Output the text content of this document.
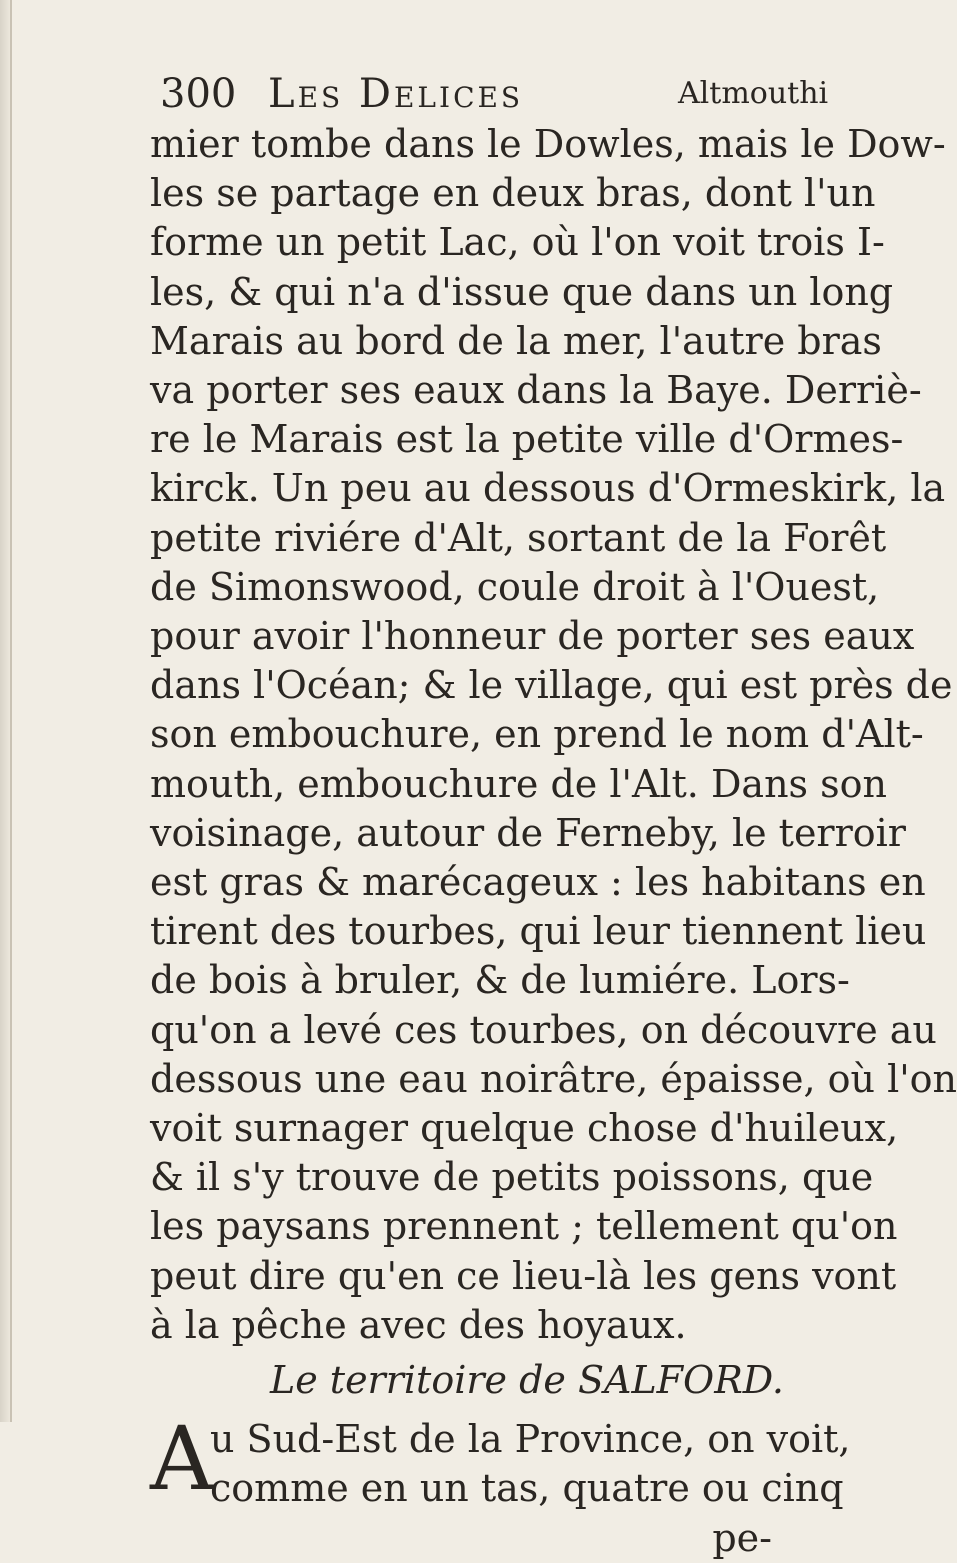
300 Les Delices	Altmouthi
mier tombe dans le Dowles, mais le Dow-
les se partage en deux bras, dont l'un
forme un petit Lac, où l'on voit trois I-
les, & qui n'a d'issue que dans un long
Marais au bord de la mer, l'autre bras
va porter ses eaux dans la Baye. Derriè-
re le Marais est la petite ville d'Ormes-
kirck. Un peu au dessous d'Ormeskirk, la
petite riviére d'Alt, sortant de la Forêt
de Simonswood, coule droit à l'Ouest,
pour avoir l'honneur de porter ses eaux
dans l'Océan; & le village, qui est près de
son embouchure, en prend le nom d'Alt-
mouth, embouchure de l'Alt. Dans son
voisinage, autour de Ferneby, le terroir
est gras & marécageux : les habitans en
tirent des tourbes, qui leur tiennent lieu
de bois à bruler, & de lumiére. Lors-
qu'on a levé ces tourbes, on découvre au
dessous une eau noirâtre, épaisse, où l'on
voit surnager quelque chose d'huileux,
& il s'y trouve de petits poissons, que
les paysans prennent ; tellement qu'on
peut dire qu'en ce lieu-là les gens vont
à la pêche avec des hoyaux.
Le territoire de SALFORD.
A
u Sud-Est de la Province, on voit,
comme en un tas, quatre ou cinq
pe-
